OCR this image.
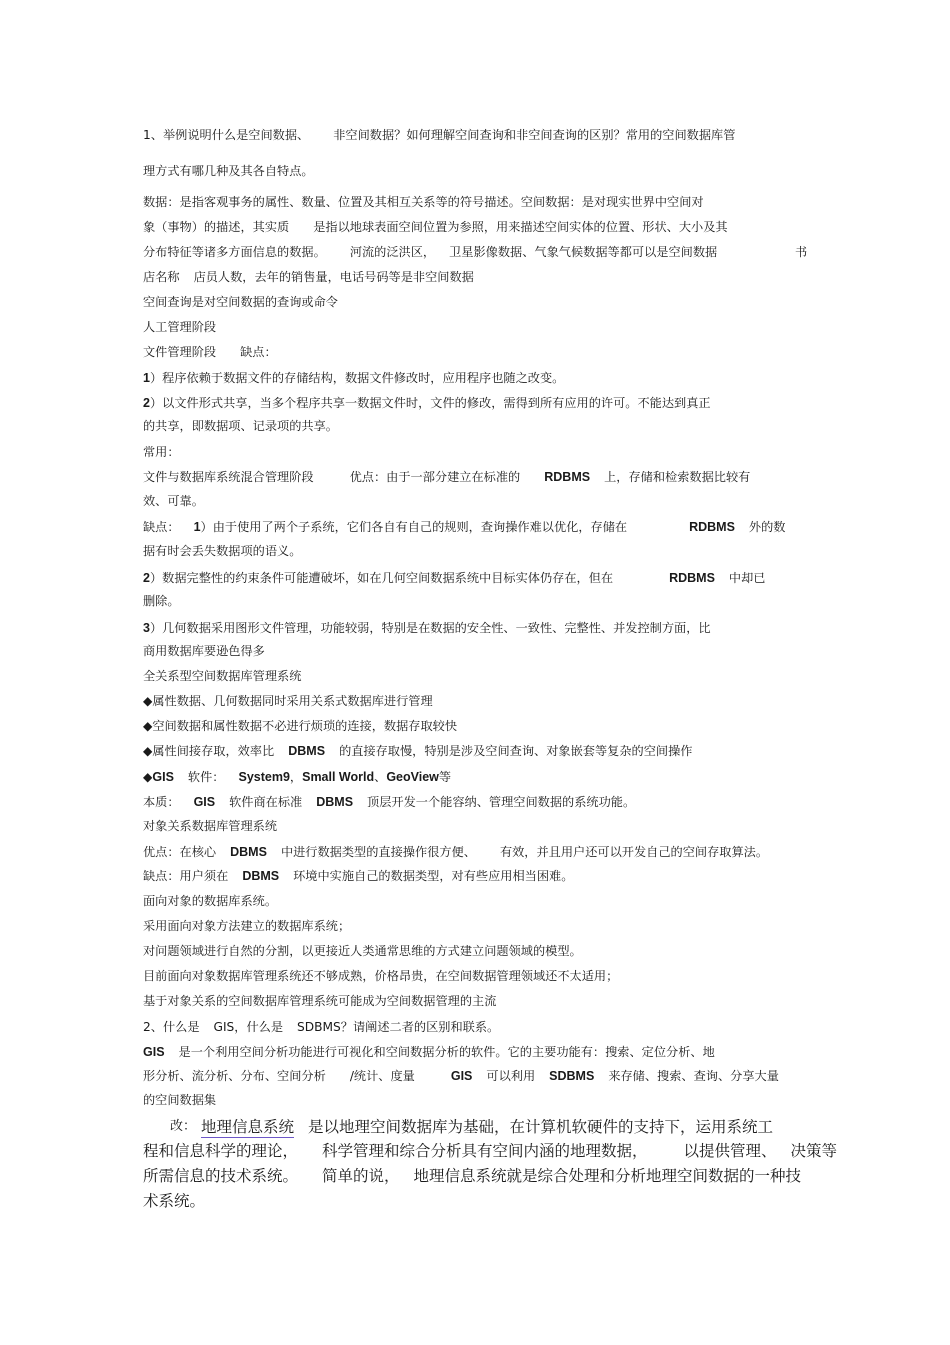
1、举例说明什么是空间数据、 非空间数据？如何理解空间查询和非空间查询的区别？常用的空间数据库管
理方式有哪几种及其各自特点。
数据：是指客观事务的属性、数量、位置及其相互关系等的符号描述。空间数据：是对现实世界中空间对
象（事物）的描述，其实质 是指以地球表面空间位置为参照，用来描述空间实体的位置、形状、大小及其
分布特征等诸多方面信息的数据。 河流的泛洪区， 卫星影像数据、气象气候数据等都可以是空间数据	书
店名称 店员人数，去年的销售量，电话号码等是非空间数据
空间查询是对空间数据的查询或命令
人工管理阶段
文件管理阶段 缺点：
1）程序依赖于数据文件的存储结构，数据文件修改时，应用程序也随之改变。
2）以文件形式共享，当多个程序共享一数据文件时，文件的修改，需得到所有应用的许可。不能达到真正
的共享，即数据项、记录项的共享。
常用：
文件与数据库系统混合管理阶段	优点：由于一部分建立在标准的 RDBMS 上，存储和检索数据比较有
效、可靠。
缺点： 1）由于使用了两个子系统，它们各自有自己的规则，查询操作难以优化，存储在	RDBMS 外的数
据有时会丢失数据项的语义。
2）数据完整性的约束条件可能遭破坏，如在几何空间数据系统中目标实体仍存在，但在	RDBMS 中却已
删除。
3）几何数据采用图形文件管理，功能较弱，特别是在数据的安全性、一致性、完整性、并发控制方面，比
商用数据库要逊色得多
全关系型空间数据库管理系统
◆属性数据、几何数据同时采用关系式数据库进行管理
◆空间数据和属性数据不必进行烦琐的连接，数据存取较快
◆属性间接存取，效率比 DBMS 的直接存取慢，特别是涉及空间查询、对象嵌套等复杂的空间操作
◆GIS 软件： System9，Small World、GeoView等
本质： GIS 软件商在标准 DBMS 顶层开发一个能容纳、管理空间数据的系统功能。
对象关系数据库管理系统
优点：在核心 DBMS 中进行数据类型的直接操作很方便、 有效，并且用户还可以开发自己的空间存取算法。
缺点：用户须在 DBMS 环境中实施自己的数据类型，对有些应用相当困难。
面向对象的数据库系统。
采用面向对象方法建立的数据库系统；
对问题领域进行自然的分割，以更接近人类通常思维的方式建立问题领域的模型。
目前面向对象数据库管理系统还不够成熟，价格昂贵，在空间数据管理领域还不太适用；
基于对象关系的空间数据库管理系统可能成为空间数据管理的主流
2、什么是 GIS，什么是 SDBMS？请阐述二者的区别和联系。
GIS 是一个利用空间分析功能进行可视化和空间数据分析的软件。它的主要功能有：搜索、定位分析、地
形分析、流分析、分布、空间分析 /统计、度量	GIS 可以利用 SDBMS 来存储、搜索、查询、分享大量
的空间数据集
改： 地理信息系统 是以地理空间数据库为基础，在计算机软硬件的支持下，运用系统工
程和信息科学的理论， 科学管理和综合分析具有空间内涵的地理数据， 以提供管理、 决策等
所需信息的技术系统。 简单的说， 地理信息系统就是综合处理和分析地理空间数据的一种技
术系统。
